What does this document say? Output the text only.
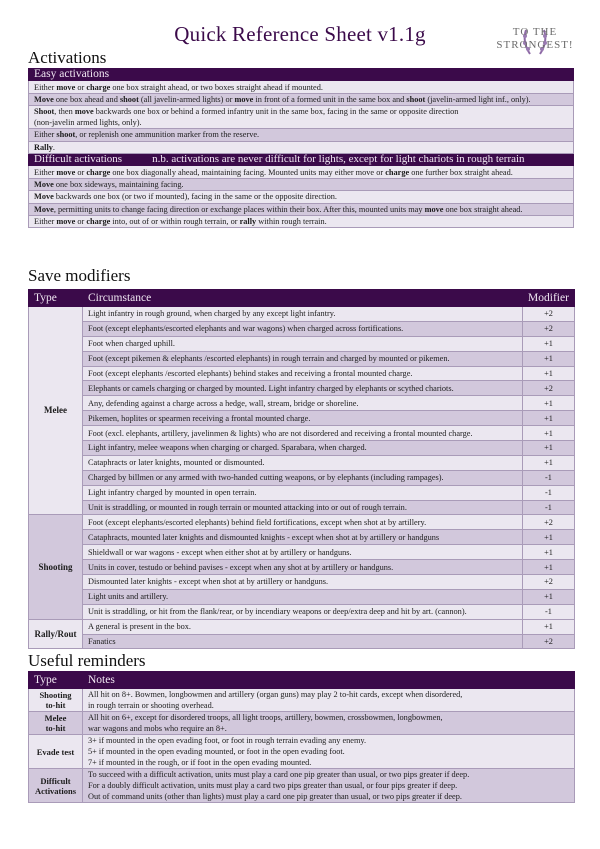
Quick Reference Sheet v1.1g	TO THE
STRONGEST!
Activations
Easy activations
Either move or charge one box straight ahead, or two boxes straight ahead if mounted.
Move one box ahead and shoot (all javelin-armed lights) or move in front of a formed unit in the same box and shoot (javelin-armed light inf., only).
Shoot, then move backwards one box or behind a formed infantry unit in the same box, facing in the same or opposite direction
(non-javelin armed lights, only).
Either shoot, or replenish one ammunition marker from the reserve.
Rally.
Difficult activations	n.b. activations are never difficult for lights, except for light chariots in rough terrain
Either move or charge one box diagonally ahead, maintaining facing. Mounted units may either move or charge one further box straight ahead.
Move one box sideways, maintaining facing.
Move backwards one box (or two if mounted), facing in the same or the opposite direction.
Move, permitting units to change facing direction or exchange places within their box. After this, mounted units may move one box straight ahead.
Either move or charge into, out of or within rough terrain, or rally within rough terrain.
Save modifiers
Type	Circumstance	Modifier
Melee	Light infantry in rough ground, when charged by any except light infantry.	+2
	Foot (except elephants/escorted elephants and war wagons) when charged across fortifications.	+2
	Foot when charged uphill.	+1
	Foot (except pikemen & elephants /escorted elephants) in rough terrain and charged by mounted or pikemen.	+1
	Foot (except elephants /escorted elephants) behind stakes and receiving a frontal mounted charge.	+1
	Elephants or camels charging or charged by mounted. Light infantry charged by elephants or scythed chariots.	+2
	Any, defending against a charge across a hedge, wall, stream, bridge or shoreline.	+1
	Pikemen, hoplites or spearmen receiving a frontal mounted charge.	+1
	Foot (excl. elephants, artillery, javelinmen & lights) who are not disordered and receiving a frontal mounted charge.	+1
	Light infantry, melee weapons when charging or charged. Sparabara, when charged.	+1
	Cataphracts or later knights, mounted or dismounted.	+1
	Charged by billmen or any armed with two-handed cutting weapons, or by elephants (including rampages).	-1
	Light infantry charged by mounted in open terrain.	-1
	Unit is straddling, or mounted in rough terrain or mounted attacking into or out of rough terrain.	-1
Shooting	Foot (except elephants/escorted elephants) behind field fortifications, except when shot at by artillery.	+2
	Cataphracts, mounted later knights and dismounted knights - except when shot at by artillery or handguns	+1
	Shieldwall or war wagons - except when either shot at by artillery or handguns.	+1
	Units in cover, testudo or behind pavises - except when any shot at by artillery or handguns.	+1
	Dismounted later knights - except when shot at by artillery or handguns.	+2
	Light units and artillery.	+1
	Unit is straddling, or hit from the flank/rear, or by incendiary weapons or deep/extra deep and hit by art. (cannon).	-1
Rally/Rout	A general is present in the box.	+1
	Fanatics	+2
Useful reminders
Type	Notes
Shooting
to-hit	All hit on 8+. Bowmen, longbowmen and artillery (organ guns) may play 2 to-hit cards, except when disordered,
in rough terrain or shooting overhead.
Melee
to-hit	All hit on 6+, except for disordered troops, all light troops, artillery, bowmen, crossbowmen, longbowmen,
war wagons and mobs who require an 8+.
Evade test	3+ if mounted in the open evading foot, or foot in rough terrain evading any enemy.
5+ if mounted in the open evading mounted, or foot in the open evading foot.
7+ if mounted in the rough, or if foot in the open evading mounted.
Difficult
Activations	To succeed with a difficult activation, units must play a card one pip greater than usual, or two pips greater if deep.
For a doubly difficult activation, units must play a card two pips greater than usual, or four pips greater if deep.
Out of command units (other than lights) must play a card one pip greater than usual, or two pips greater if deep.
